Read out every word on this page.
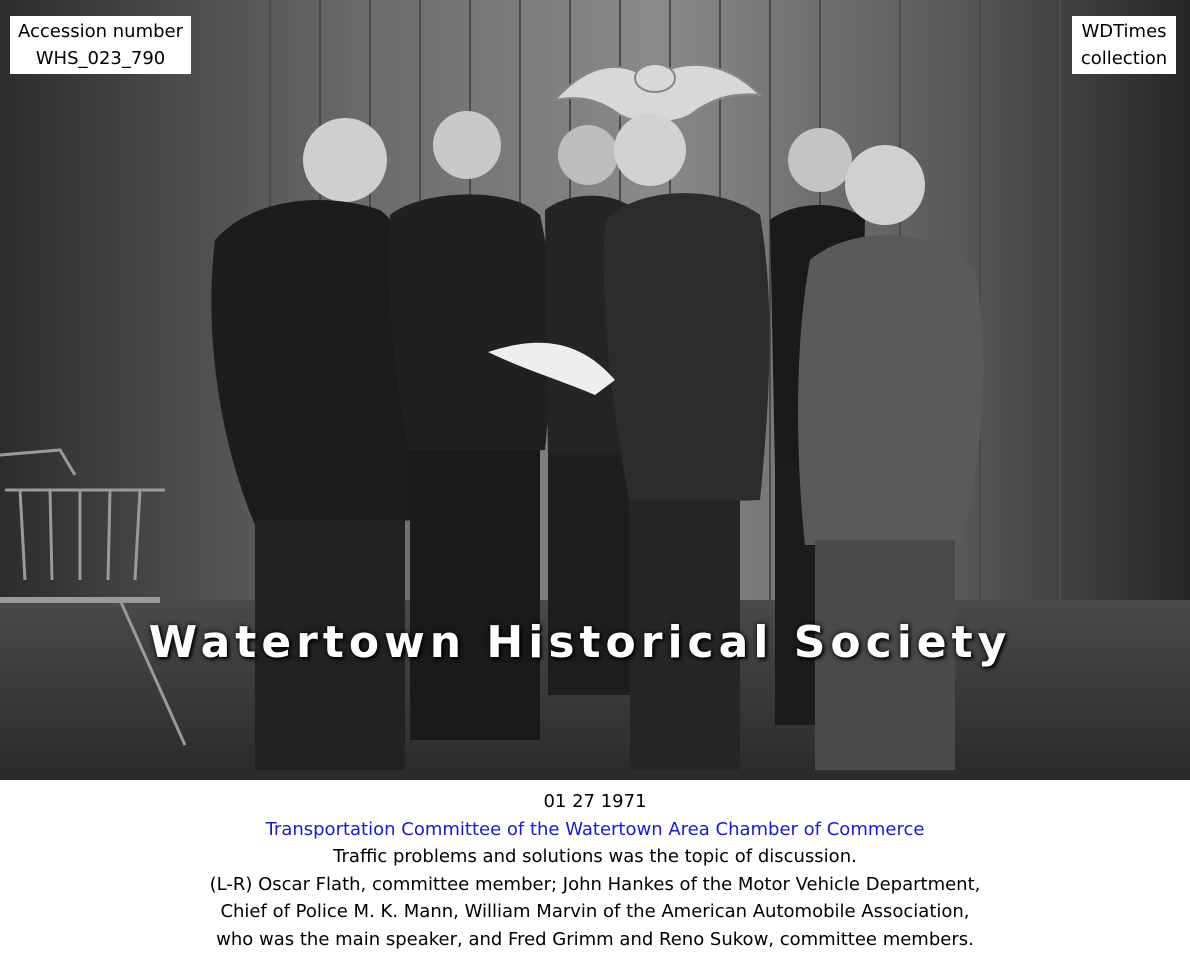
Accession number
WHS_023_790
WDTimes
collection
Watertown Historical Society
01 27 1971
Transportation Committee of the Watertown Area Chamber of Commerce
Traffic problems and solutions was the topic of discussion.
(L-R) Oscar Flath, committee member; John Hankes of the Motor Vehicle Department,
Chief of Police M. K. Mann, William Marvin of the American Automobile Association,
who was the main speaker, and Fred Grimm and Reno Sukow, committee members.
